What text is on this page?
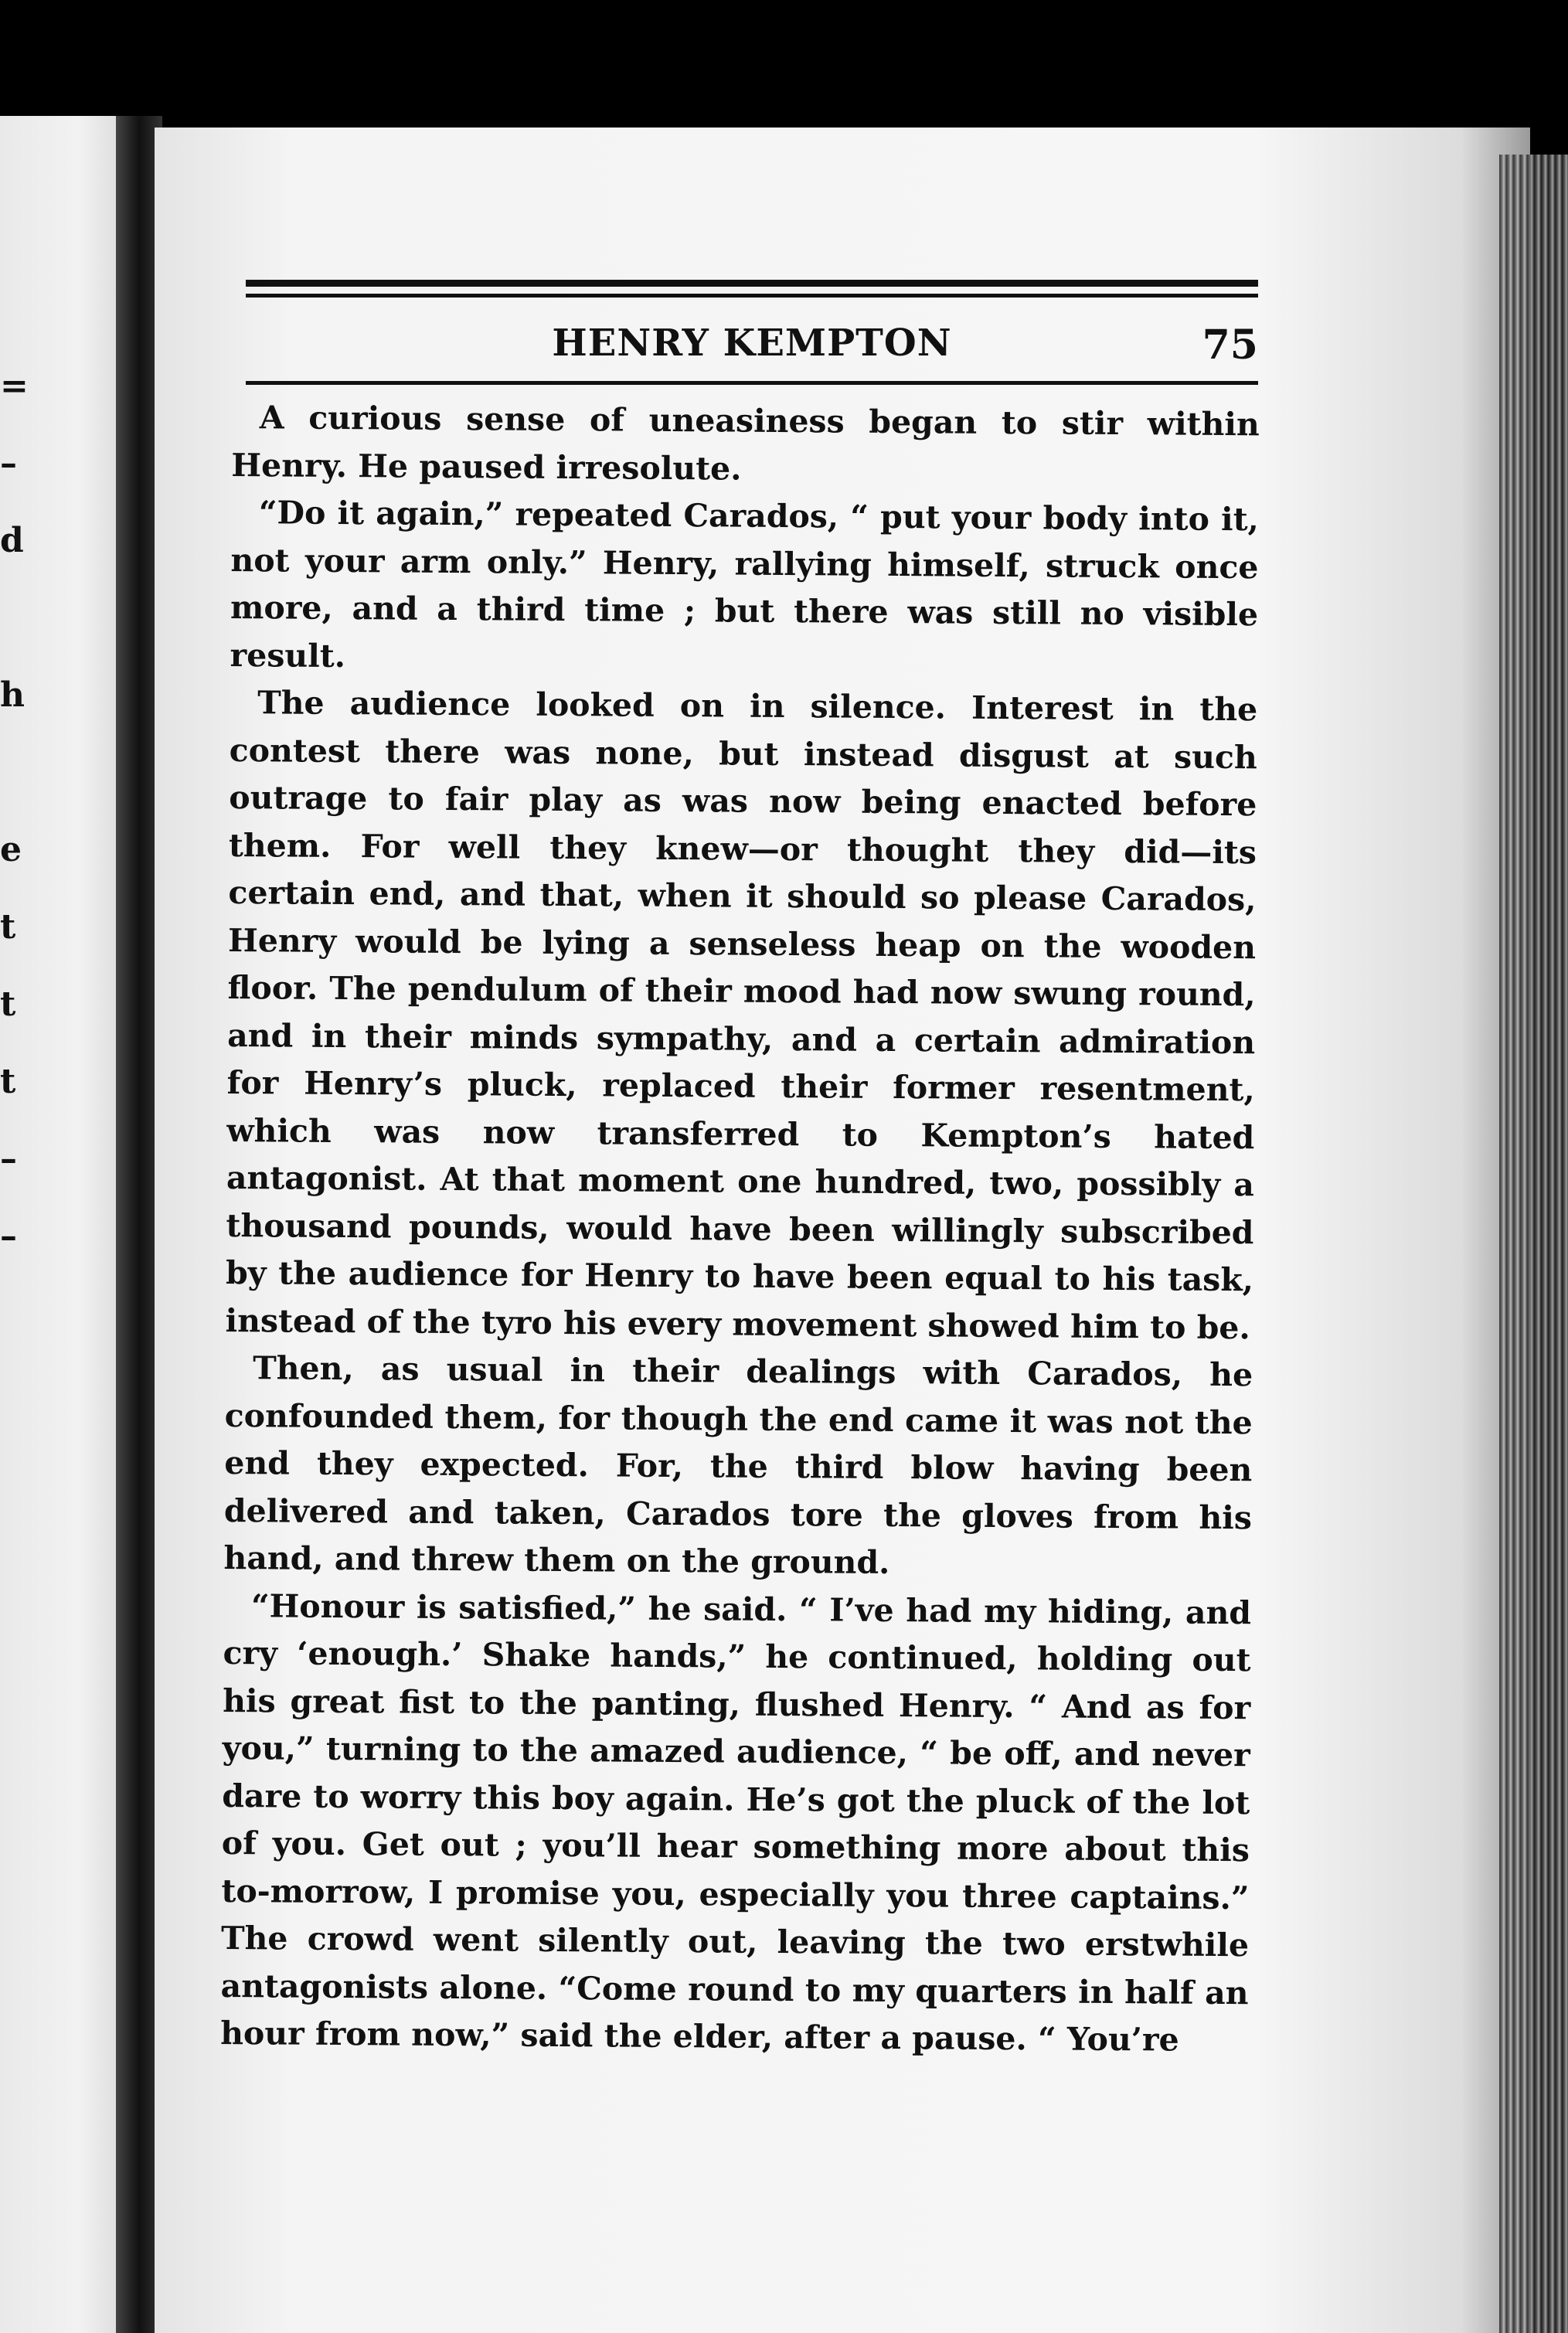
=
–
d
h
e
t
t
t
–
–
HENRY KEMPTON	75

A curious sense of uneasiness began to stir within Henry. He paused irresolute.

“Do it again,” repeated Carados, “ put your body into it, not your arm only.” Henry, rallying himself, struck once more, and a third time ; but there was still no visible result.

The audience looked on in silence. Interest in the contest there was none, but instead disgust at such outrage to fair play as was now being enacted before them. For well they knew—or thought they did—its certain end, and that, when it should so please Carados, Henry would be lying a senseless heap on the wooden floor. The pendulum of their mood had now swung round, and in their minds sympathy, and a certain admiration for Henry’s pluck, replaced their former resentment, which was now transferred to Kempton’s hated antagonist. At that moment one hundred, two, possibly a thousand pounds, would have been willingly subscribed by the audience for Henry to have been equal to his task, instead of the tyro his every movement showed him to be.

Then, as usual in their dealings with Carados, he confounded them, for though the end came it was not the end they expected. For, the third blow having been delivered and taken, Carados tore the gloves from his hand, and threw them on the ground.

“Honour is satisfied,” he said. “ I’ve had my hiding, and cry ‘enough.’ Shake hands,” he continued, holding out his great fist to the panting, flushed Henry. “ And as for you,” turning to the amazed audience, “ be off, and never dare to worry this boy again. He’s got the pluck of the lot of you. Get out ; you’ll hear something more about this to-morrow, I promise you, especially you three captains.” The crowd went silently out, leaving the two erstwhile antagonists alone. “Come round to my quarters in half an hour from now,” said the elder, after a pause. “ You’re
